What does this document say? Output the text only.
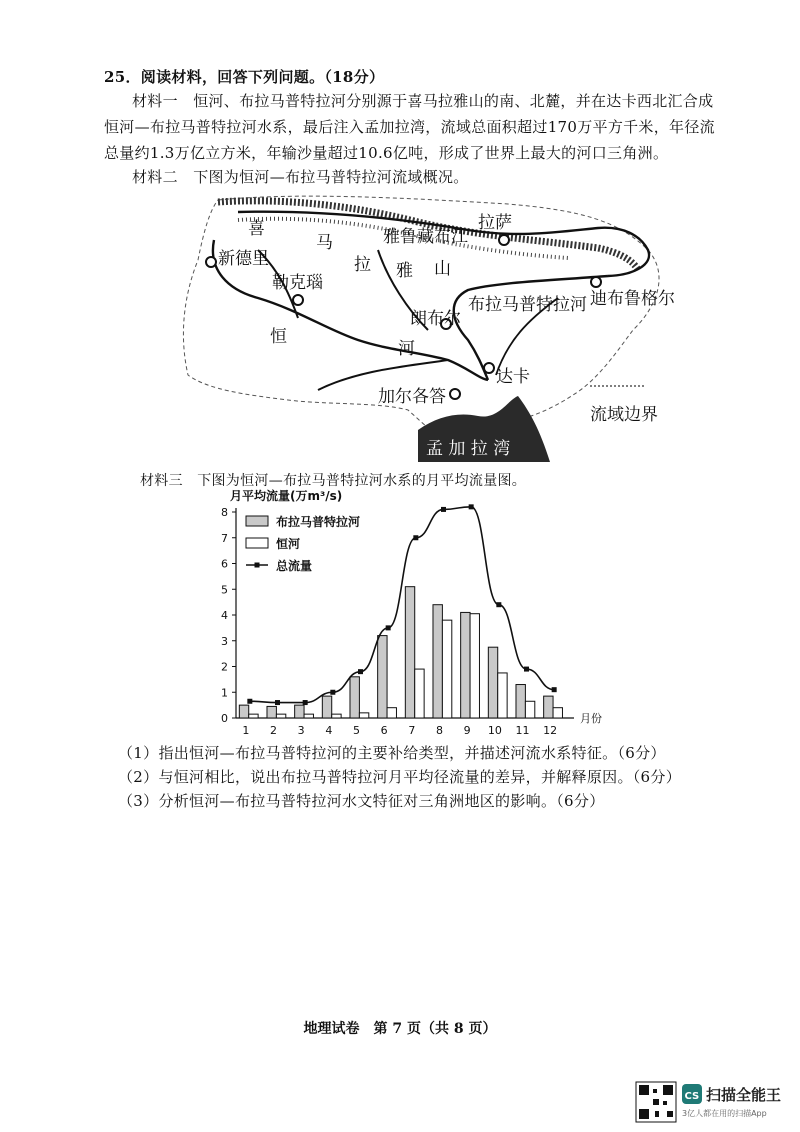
25．阅读材料，回答下列问题。（18分）
材料一　恒河、布拉马普特拉河分别源于喜马拉雅山的南、北麓，并在达卡西北汇合成
恒河—布拉马普特拉河水系，最后注入孟加拉湾，流域总面积超过170万平方千米，年径流
总量约1.3万亿立方米，年输沙量超过10.6亿吨，形成了世界上最大的河口三角洲。
材料二　下图为恒河—布拉马普特拉河流域概况。
新德里
勒克瑙
喜
马
拉 雅 山
雅鲁藏布江
拉萨
布拉马普特拉河 迪布鲁格尔
恒
河
朗布尔
达卡
加尔各答
流域边界
孟 加 拉 湾
材料三　下图为恒河—布拉马普特拉河水系的月平均流量图。
月平均流量(万m³/s)
0
1
2
3
4
5
6
7
8
1 2 3 4 5 6 7 8 9 10 11 12
月份
布拉马普特拉河
恒河
总流量
（1）指出恒河—布拉马普特拉河的主要补给类型，并描述河流水系特征。（6分）
（2）与恒河相比，说出布拉马普特拉河月平均径流量的差异，并解释原因。（6分）
（3）分析恒河—布拉马普特拉河水文特征对三角洲地区的影响。（6分）
地理试卷　第 7 页（共 8 页）
CS 扫描全能王
3亿人都在用的扫描App
